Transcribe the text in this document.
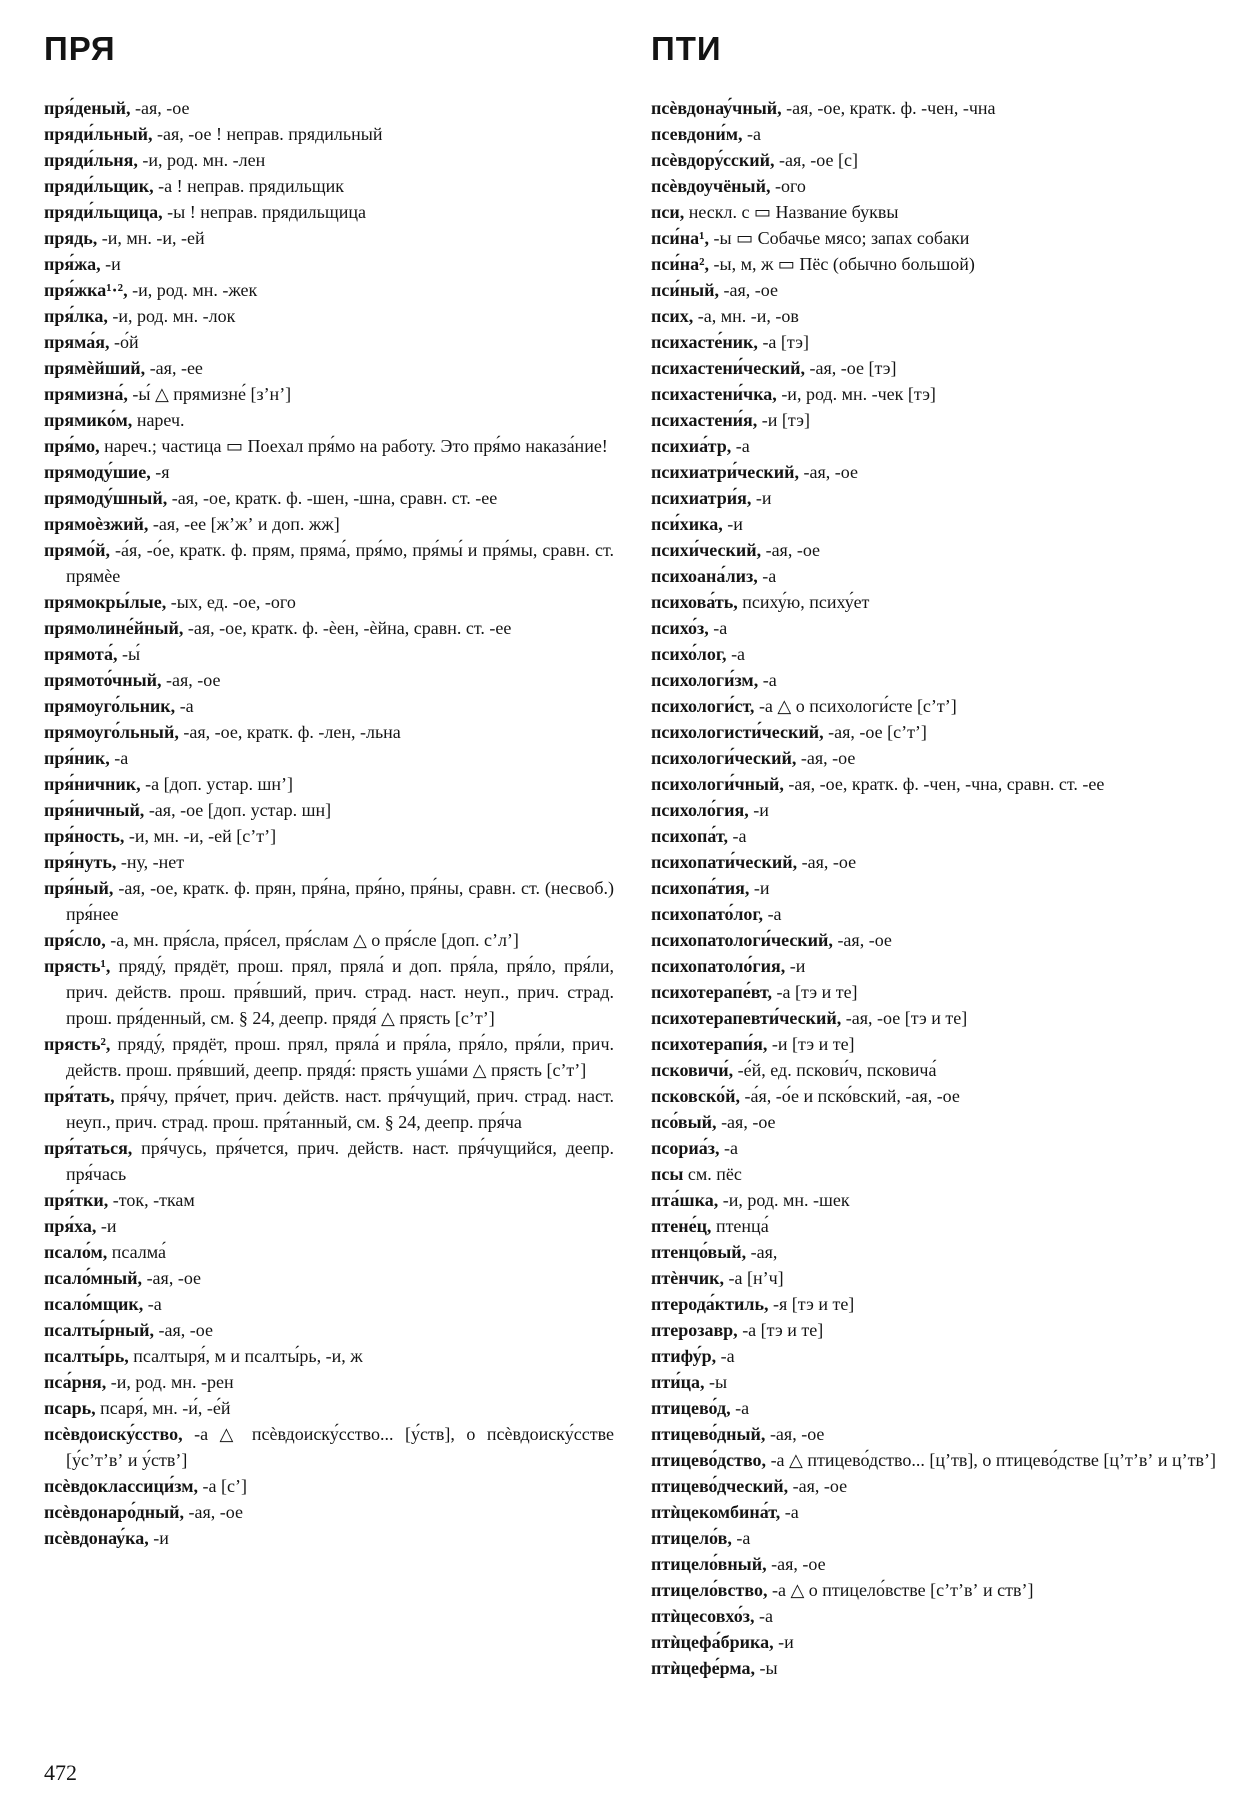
ПРЯ	ПТИ
пря́деный, -ая, -ое
пряди́льный, -ая, -ое ! неправ. прядильный
пряди́льня, -и, род. мн. -лен
пряди́льщик, -а ! неправ. прядильщик
пряди́льщица, -ы ! неправ. прядильщица
прядь, -и, мн. -и, -ей
пря́жа, -и
пря́жка¹·², -и, род. мн. -жек
пря́лка, -и, род. мн. -лок
пряма́я, -о́й
прямѐйший, -ая, -ее
прямизна́, -ы́ △ прямизне́ [зʼнʼ]
прямико́м, нареч.
пря́мо, нареч.; частица ▭ Поехал пря́мо на работу. Это пря́мо наказа́ние!
прямоду́шие, -я
прямоду́шный, -ая, -ое, кратк. ф. -шен, -шна, сравн. ст. -ее
прямоѐзжий, -ая, -ее [жʼжʼ и доп. жж]
прямо́й, -а́я, -о́е, кратк. ф. прям, пряма́, пря́мо, пря́мы́ и пря́мы, сравн. ст. прямѐе
прямокры́лые, -ых, ед. -ое, -ого
прямолине́йный, -ая, -ое, кратк. ф. -ѐен, -ѐйна, сравн. ст. -ее
прямота́, -ы́
прямото́чный, -ая, -ое
прямоуго́льник, -а
прямоуго́льный, -ая, -ое, кратк. ф. -лен, -льна
пря́ник, -а
пря́ничник, -а [доп. устар. шнʼ]
пря́ничный, -ая, -ое [доп. устар. шн]
пря́ность, -и, мн. -и, -ей [сʼтʼ]
пря́нуть, -ну, -нет
пря́ный, -ая, -ое, кратк. ф. прян, пря́на, пря́но, пря́ны, сравн. ст. (несвоб.) пря́нее
пря́сло, -а, мн. пря́сла, пря́сел, пря́слам △ о пря́сле [доп. сʼлʼ]
прясть¹, пряду́, прядёт, прош. прял, пряла́ и доп. пря́ла, пря́ло, пря́ли, прич. действ. прош. пря́вший, прич. страд. наст. неуп., прич. страд. прош. пря́денный, см. § 24, деепр. прядя́ △ прясть [сʼтʼ]
прясть², пряду́, прядёт, прош. прял, пряла́ и пря́ла, пря́ло, пря́ли, прич. действ. прош. пря́вший, деепр. прядя́: прясть уша́ми △ прясть [сʼтʼ]
пря́тать, пря́чу, пря́чет, прич. действ. наст. пря́чущий, прич. страд. наст. неуп., прич. страд. прош. пря́танный, см. § 24, деепр. пря́ча
пря́таться, пря́чусь, пря́чется, прич. действ. наст. пря́чущийся, деепр. пря́чась
пря́тки, -ток, -ткам
пря́ха, -и
псало́м, псалма́
псало́мный, -ая, -ое
псало́мщик, -а
псалты́рный, -ая, -ое
псалты́рь, псалтыря́, м и псалты́рь, -и, ж
пса́рня, -и, род. мн. -рен
псарь, псаря́, мн. -и́, -е́й
псѐвдоиску́сство, -а △ псѐвдоиску́сство... [у́ств], о псѐвдоиску́сстве [у́сʼтʼвʼ и у́ствʼ]
псѐвдоклассици́зм, -а [сʼ]
псѐвдонаро́дный, -ая, -ое
псѐвдонау́ка, -и
псѐвдонау́чный, -ая, -ое, кратк. ф. -чен, -чна
псевдони́м, -а
псѐвдору́сский, -ая, -ое [с]
псѐвдоучёный, -ого
пси, нескл. с ▭ Название буквы
пси́на¹, -ы ▭ Собачье мясо; запах собаки
пси́на², -ы, м, ж ▭ Пёс (обычно большой)
пси́ный, -ая, -ое
псих, -а, мн. -и, -ов
психасте́ник, -а [тэ]
психастени́ческий, -ая, -ое [тэ]
психастени́чка, -и, род. мн. -чек [тэ]
психастени́я, -и [тэ]
психиа́тр, -а
психиатри́ческий, -ая, -ое
психиатри́я, -и
пси́хика, -и
психи́ческий, -ая, -ое
психоана́лиз, -а
психова́ть, психу́ю, психу́ет
психо́з, -а
психо́лог, -а
психологи́зм, -а
психологи́ст, -а △ о психологи́сте [сʼтʼ]
психологисти́ческий, -ая, -ое [сʼтʼ]
психологи́ческий, -ая, -ое
психологи́чный, -ая, -ое, кратк. ф. -чен, -чна, сравн. ст. -ее
психоло́гия, -и
психопа́т, -а
психопати́ческий, -ая, -ое
психопа́тия, -и
психопато́лог, -а
психопатологи́ческий, -ая, -ое
психопатоло́гия, -и
психотерапе́вт, -а [тэ и те]
психотерапевти́ческий, -ая, -ое [тэ и те]
психотерапи́я, -и [тэ и те]
псковичи́, -е́й, ед. пскови́ч, псковича́
псковско́й, -а́я, -о́е и пско́вский, -ая, -ое
псо́вый, -ая, -ое
псориа́з, -а
псы см. пёс
пта́шка, -и, род. мн. -шек
птене́ц, птенца́
птенцо́вый, -ая,
птѐнчик, -а [нʼч]
птерода́ктиль, -я [тэ и те]
птерозавр, -а [тэ и те]
птифу́р, -а
пти́ца, -ы
птицево́д, -а
птицево́дный, -ая, -ое
птицево́дство, -а △ птицево́дство... [цʼтв], о птицево́дстве [цʼтʼвʼ и цʼтвʼ]
птицево́дческий, -ая, -ое
птѝцекомбина́т, -а
птицело́в, -а
птицело́вный, -ая, -ое
птицело́вство, -а △ о птицело́встве [сʼтʼвʼ и ствʼ]
птѝцесовхо́з, -а
птѝцефа́брика, -и
птѝцефе́рма, -ы
472
